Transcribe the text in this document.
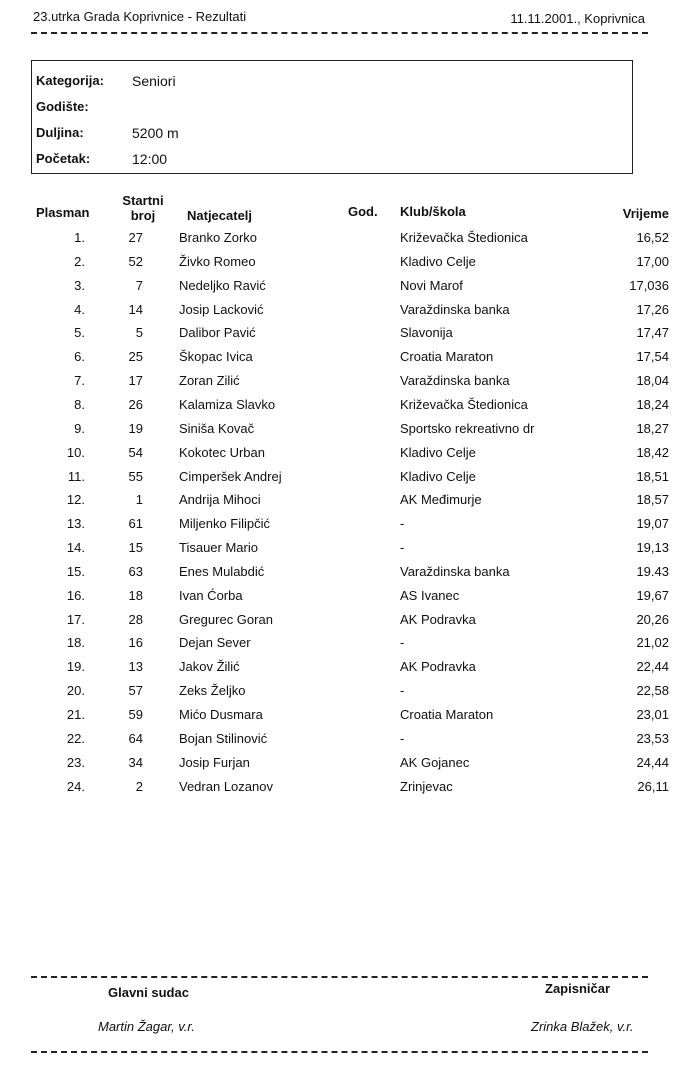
23.utrka Grada Koprivnice - Rezultati	11.11.2001., Koprivnica
Kategorija: Seniori
Godište:
Duljina:	5200 m
Početak:	12:00
Plasman
Startni
broj	Natjecatelj	God. Klub/škola	Vrijeme
1.	27	Branko Zorko	Križevačka Štedionica	16,52
2.	52	Živko Romeo	Kladivo Celje	17,00
3.	7	Nedeljko Ravić	Novi Marof	17,036
4.	14	Josip Lacković	Varaždinska banka	17,26
5.	5	Dalibor Pavić	Slavonija	17,47
6.	25	Škopac Ivica	Croatia Maraton	17,54
7.	17	Zoran Zilić	Varaždinska banka	18,04
8.	26	Kalamiza Slavko	Križevačka Štedionica	18,24
9.	19	Siniša Kovač	Sportsko rekreativno dr	18,27
10.	54	Kokotec Urban	Kladivo Celje	18,42
11.	55	Cimperšek Andrej	Kladivo Celje	18,51
12.	1	Andrija Mihoci	AK Međimurje	18,57
13.	61	Miljenko Filipčić	-	19,07
14.	15	Tisauer Mario	-	19,13
15.	63	Enes Mulabdić	Varaždinska banka	19.43
16.	18	Ivan Ćorba	AS Ivanec	19,67
17.	28	Gregurec Goran	AK Podravka	20,26
18.	16	Dejan Sever	-	21,02
19.	13	Jakov Žilić	AK Podravka	22,44
20.	57	Zeks Željko	-	22,58
21.	59	Mićo Dusmara	Croatia Maraton	23,01
22.	64	Bojan Stilinović	-	23,53
23.	34	Josip Furjan	AK Gojanec	24,44
24.	2	Vedran Lozanov	Zrinjevac	26,11
Glavni sudac	Zapisničar
Martin Žagar, v.r.	Zrinka Blažek, v.r.
